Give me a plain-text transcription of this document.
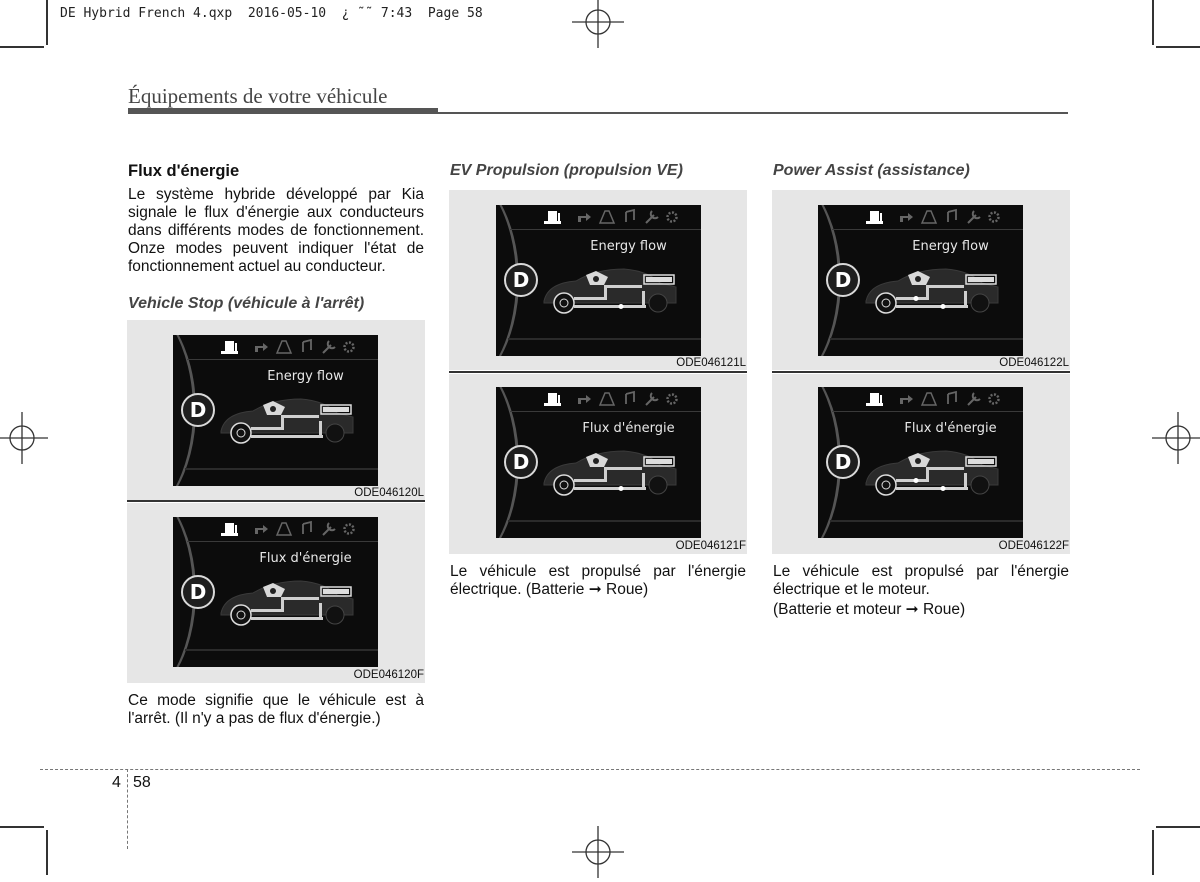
DE Hybrid French 4.qxp  2016-05-10  ¿ ˜˜ 7:43  Page 58
Équipements de votre véhicule
Flux d'énergie
Le système hybride développé par Kia signale le flux d'énergie aux conducteurs dans différents modes de fonctionnement. Onze modes peuvent indiquer l'état de fonctionnement actuel au conducteur.
Vehicle Stop (véhicule à l'arrêt)
Energy flow
D
ODE046120L
Flux d'énergie
D
ODE046120F
Ce mode signifie que le véhicule est à l'arrêt. (Il n'y a pas de flux d'énergie.)
EV Propulsion (propulsion VE)
Energy flow
D
ODE046121L
Flux d'énergie
D
ODE046121F
Le véhicule est propulsé par l'énergie électrique. (Batterie ➞ Roue)
Power Assist (assistance)
Energy flow
D
ODE046122L
Flux d'énergie
D
ODE046122F
Le véhicule est propulsé par l'énergie électrique et le moteur.
(Batterie et moteur ➞ Roue)
4 58
